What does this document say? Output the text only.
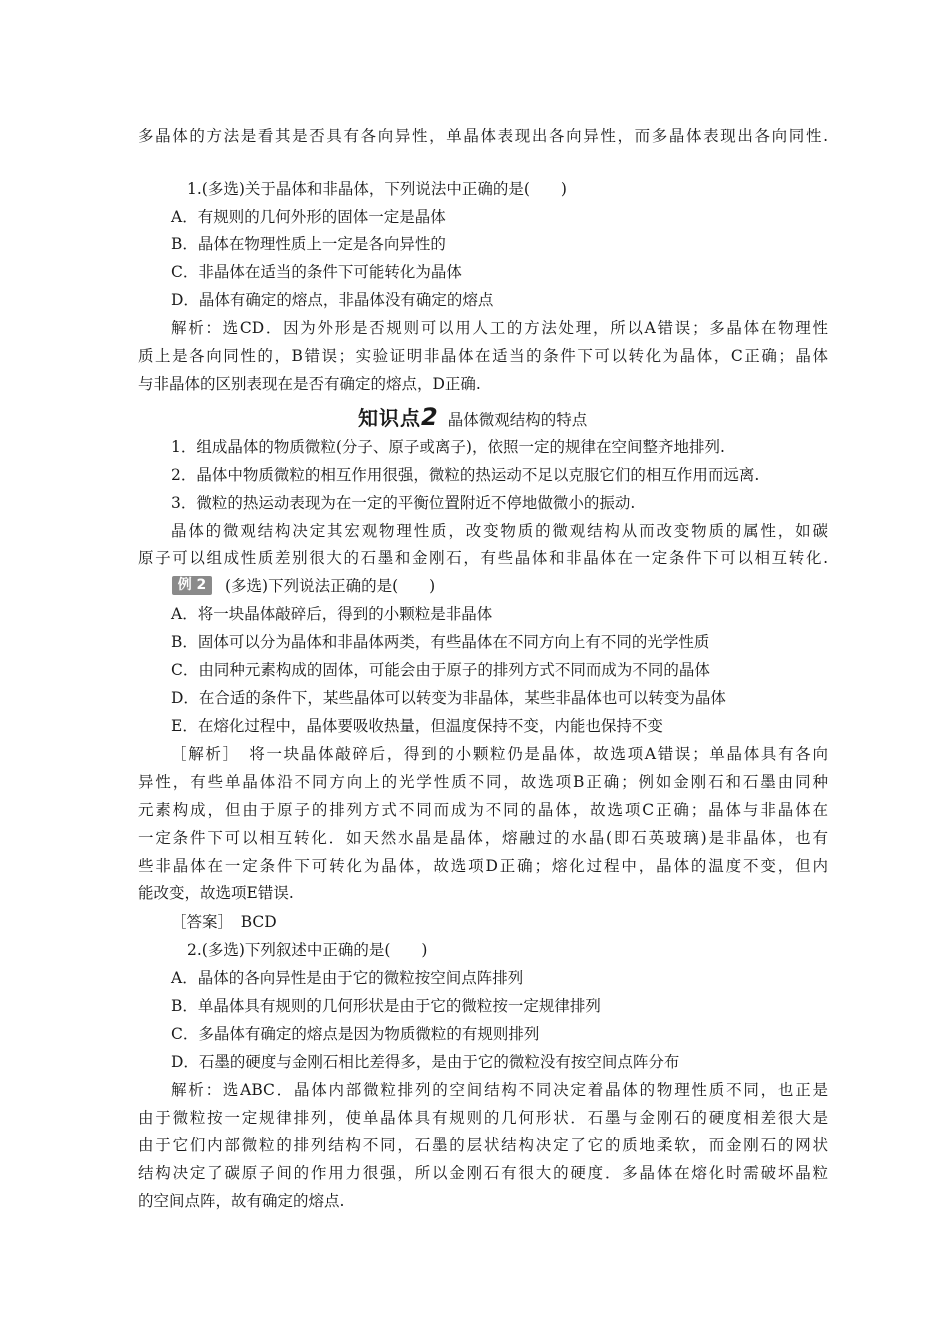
多晶体的方法是看其是否具有各向异性，单晶体表现出各向异性，而多晶体表现出各向同性.
1.(多选)关于晶体和非晶体，下列说法中正确的是(　　)
A．有规则的几何外形的固体一定是晶体
B．晶体在物理性质上一定是各向异性的
C．非晶体在适当的条件下可能转化为晶体
D．晶体有确定的熔点，非晶体没有确定的熔点
解析：选CD．因为外形是否规则可以用人工的方法处理，所以A错误；多晶体在物理性
质上是各向同性的，B错误；实验证明非晶体在适当的条件下可以转化为晶体，C正确；晶体
与非晶体的区别表现在是否有确定的熔点，D正确.
知识点2 晶体微观结构的特点
1．组成晶体的物质微粒(分子、原子或离子)，依照一定的规律在空间整齐地排列.
2．晶体中物质微粒的相互作用很强，微粒的热运动不足以克服它们的相互作用而远离.
3．微粒的热运动表现为在一定的平衡位置附近不停地做微小的振动.
晶体的微观结构决定其宏观物理性质，改变物质的微观结构从而改变物质的属性，如碳
原子可以组成性质差别很大的石墨和金刚石，有些晶体和非晶体在一定条件下可以相互转化.
例 2	(多选)下列说法正确的是(　　)
A．将一块晶体敲碎后，得到的小颗粒是非晶体
B．固体可以分为晶体和非晶体两类，有些晶体在不同方向上有不同的光学性质
C．由同种元素构成的固体，可能会由于原子的排列方式不同而成为不同的晶体
D．在合适的条件下，某些晶体可以转变为非晶体，某些非晶体也可以转变为晶体
E．在熔化过程中，晶体要吸收热量，但温度保持不变，内能也保持不变
［解析］　将一块晶体敲碎后，得到的小颗粒仍是晶体，故选项A错误；单晶体具有各向
异性，有些单晶体沿不同方向上的光学性质不同，故选项B正确；例如金刚石和石墨由同种
元素构成，但由于原子的排列方式不同而成为不同的晶体，故选项C正确；晶体与非晶体在
一定条件下可以相互转化．如天然水晶是晶体，熔融过的水晶(即石英玻璃)是非晶体，也有
些非晶体在一定条件下可转化为晶体，故选项D正确；熔化过程中，晶体的温度不变，但内
能改变，故选项E错误.
［答案］　BCD
2.(多选)下列叙述中正确的是(　　)
A．晶体的各向异性是由于它的微粒按空间点阵排列
B．单晶体具有规则的几何形状是由于它的微粒按一定规律排列
C．多晶体有确定的熔点是因为物质微粒的有规则排列
D．石墨的硬度与金刚石相比差得多，是由于它的微粒没有按空间点阵分布
解析：选ABC．晶体内部微粒排列的空间结构不同决定着晶体的物理性质不同，也正是
由于微粒按一定规律排列，使单晶体具有规则的几何形状．石墨与金刚石的硬度相差很大是
由于它们内部微粒的排列结构不同，石墨的层状结构决定了它的质地柔软，而金刚石的网状
结构决定了碳原子间的作用力很强，所以金刚石有很大的硬度．多晶体在熔化时需破坏晶粒
的空间点阵，故有确定的熔点.
